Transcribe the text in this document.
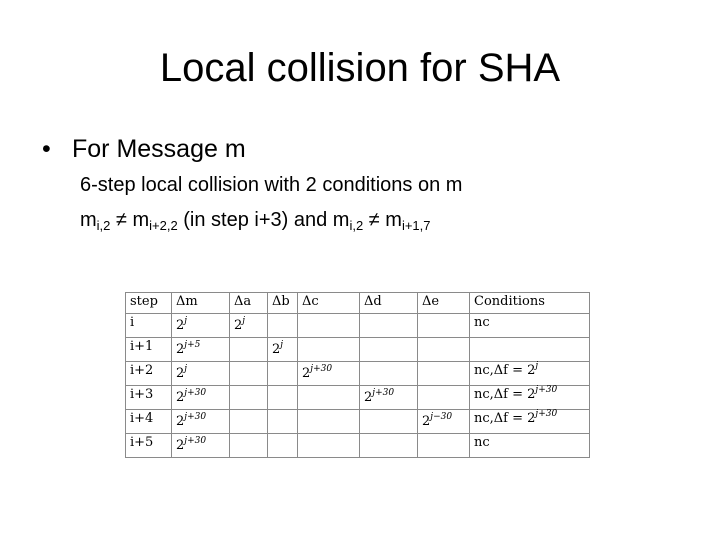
Local collision for SHA
• For Message m
6-step local collision with 2 conditions on m
$m_{i,2} \ne m_{i+2,2}$ (in step i+3) and $m_{i,2} \ne m_{i+1,7}$
step	Δm	Δa	Δb	Δc	Δd	Δe	Conditions
i	2$^j$	2$^j$					nc
i+1	$2^{j+5}$		2$^j$				
i+2	2$^j$			$2^{j+30}$			$nc,\Delta f = 2^j$
i+3	$2^{j+30}$				$2^{j+30}$		$nc,\Delta f = 2^{j+30}$
i+4	$2^{j+30}$					$2^{j-30}$	$nc,\Delta f = 2^{j+30}$
i+5	$2^{j+30}$						nc
